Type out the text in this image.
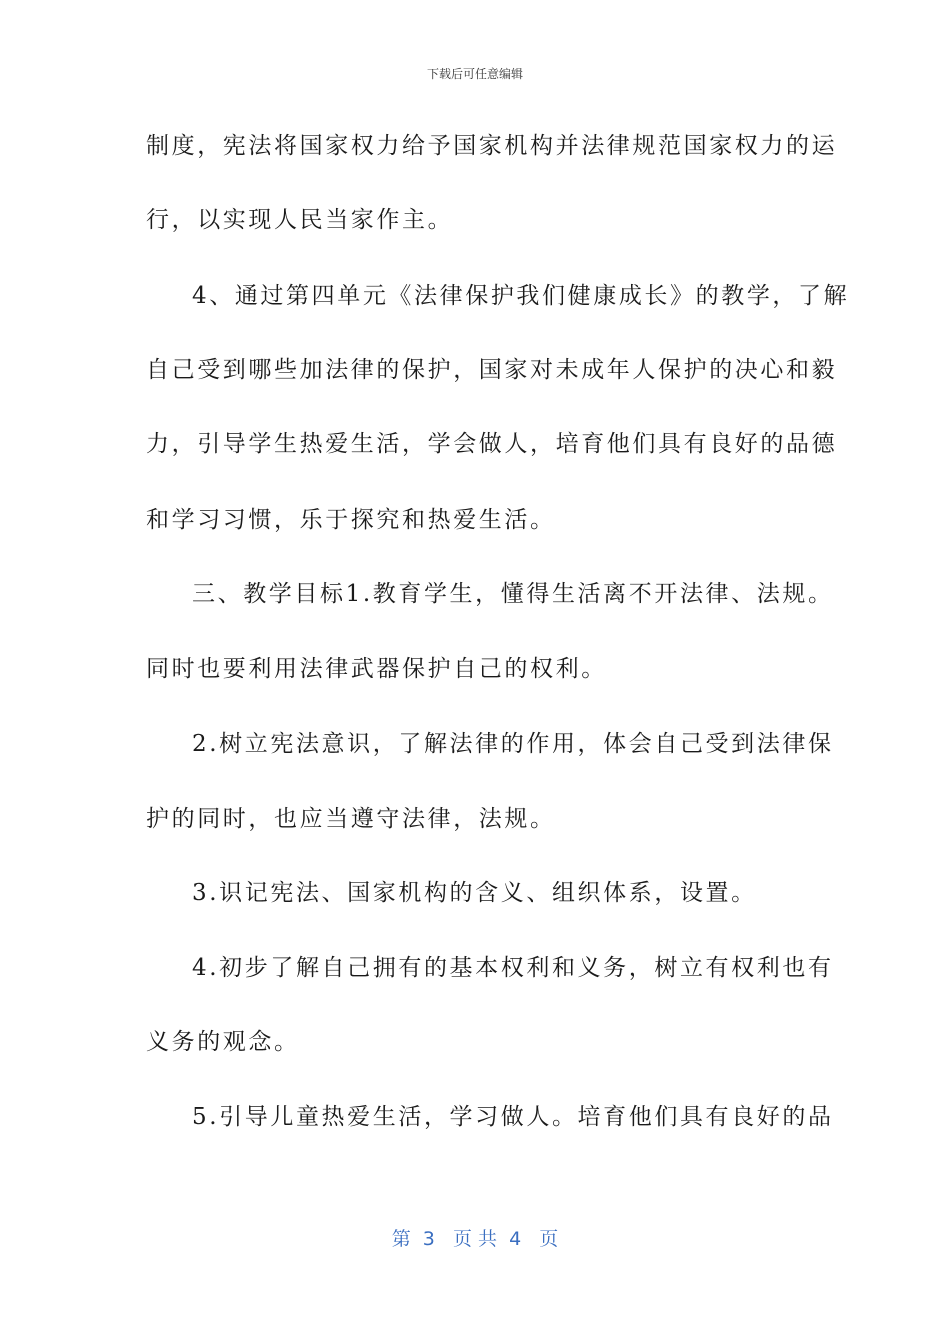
下载后可任意编辑
制度，宪法将国家权力给予国家机构并法律规范国家权力的运
行，以实现人民当家作主。
4、通过第四单元《法律保护我们健康成长》的教学，了解
自己受到哪些加法律的保护，国家对未成年人保护的决心和毅
力，引导学生热爱生活，学会做人，培育他们具有良好的品德
和学习习惯，乐于探究和热爱生活。
三、教学目标1.教育学生，懂得生活离不开法律、法规。
同时也要利用法律武器保护自己的权利。
2.树立宪法意识，了解法律的作用，体会自己受到法律保
护的同时，也应当遵守法律，法规。
3.识记宪法、国家机构的含义、组织体系，设置。
4.初步了解自己拥有的基本权利和义务，树立有权利也有
义务的观念。
5.引导儿童热爱生活，学习做人。培育他们具有良好的品
第  3   页 共  4   页
